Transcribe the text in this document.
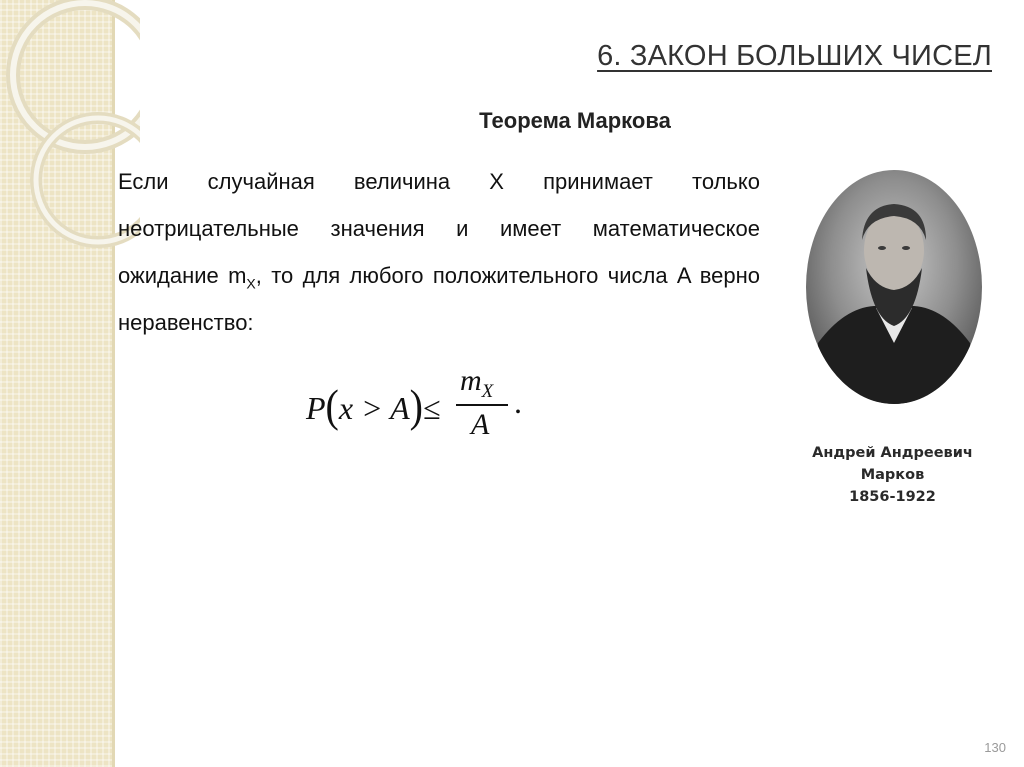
6. ЗАКОН БОЛЬШИХ ЧИСЕЛ
Теорема Маркова
Если случайная величина X принимает только неотрицательные значения и имеет математическое ожидание $m_X$, то для любого положительного числа A верно неравенство:
P(x > A)≤
$m_X$
A
.
Андрей Андреевич
Марков
1856-1922
130
